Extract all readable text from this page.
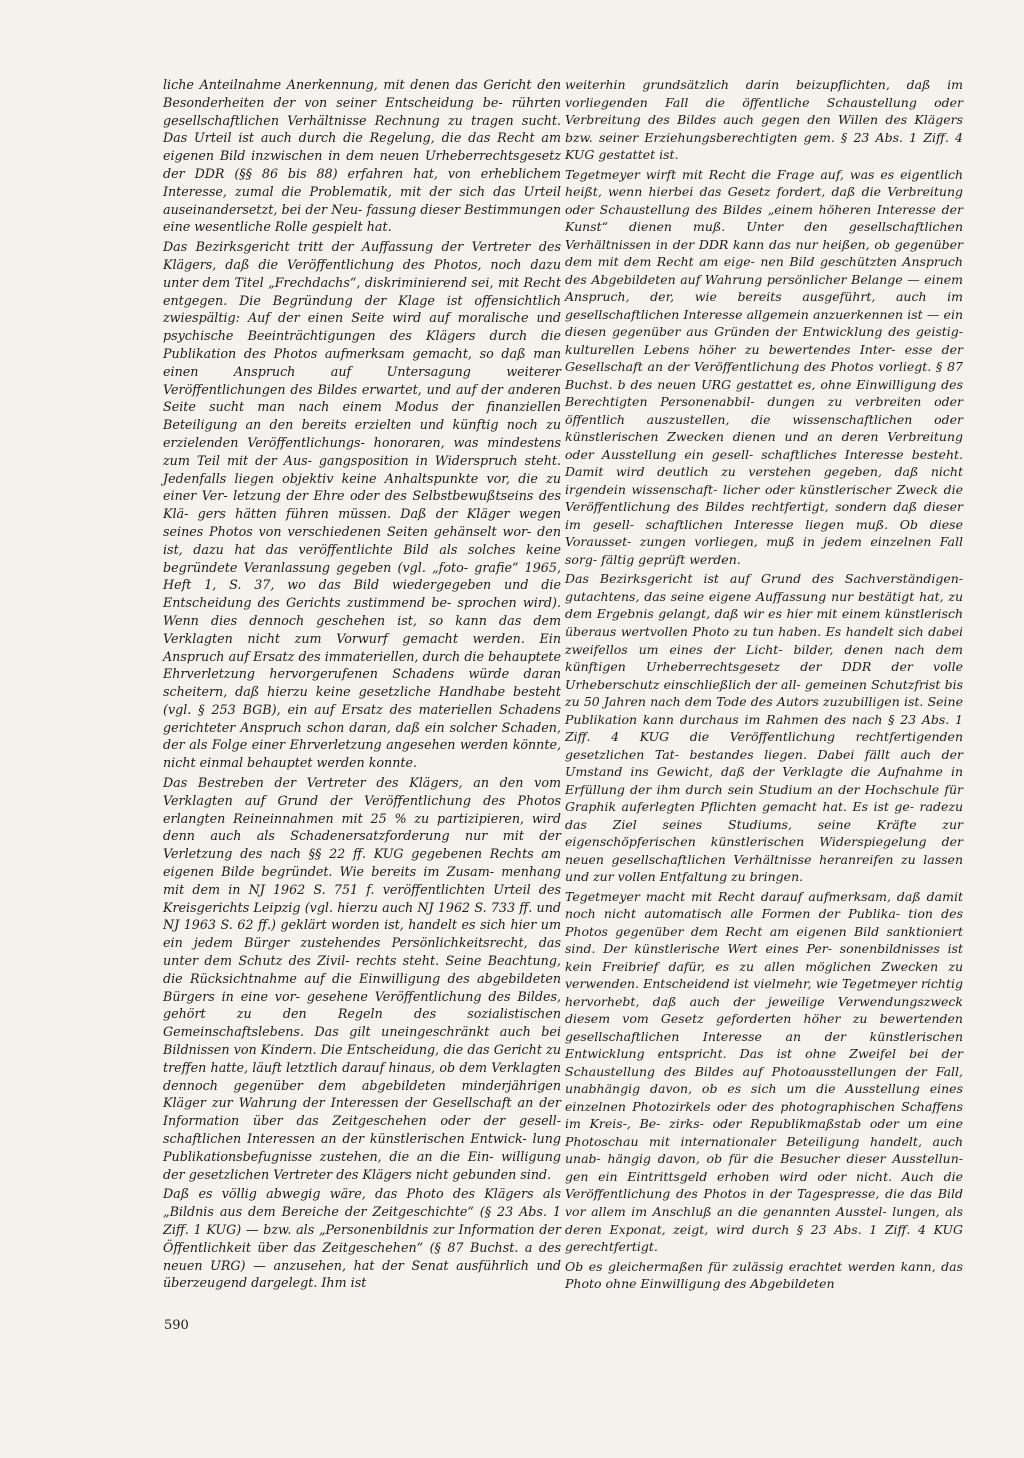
liche Anteilnahme Anerkennung, mit denen das Gericht den Besonderheiten der von seiner Entscheidung be- rührten gesellschaftlichen Verhältnisse Rechnung zu tragen sucht. Das Urteil ist auch durch die Regelung, die das Recht am eigenen Bild inzwischen in dem neuen Urheberrechtsgesetz der DDR (§§ 86 bis 88) erfahren hat, von erheblichem Interesse, zumal die Problematik, mit der sich das Urteil auseinandersetzt, bei der Neu- fassung dieser Bestimmungen eine wesentliche Rolle gespielt hat.

Das Bezirksgericht tritt der Auffassung der Vertreter des Klägers, daß die Veröffentlichung des Photos, noch dazu unter dem Titel „Frechdachs“, diskriminierend sei, mit Recht entgegen. Die Begründung der Klage ist offensichtlich zwiespältig: Auf der einen Seite wird auf moralische und psychische Beeinträchtigungen des Klägers durch die Publikation des Photos aufmerksam gemacht, so daß man einen Anspruch auf Untersagung weiterer Veröffentlichungen des Bildes erwartet, und auf der anderen Seite sucht man nach einem Modus der finanziellen Beteiligung an den bereits erzielten und künftig noch zu erzielenden Veröffentlichungs- honoraren, was mindestens zum Teil mit der Aus- gangsposition in Widerspruch steht. Jedenfalls liegen objektiv keine Anhaltspunkte vor, die zu einer Ver- letzung der Ehre oder des Selbstbewußtseins des Klä- gers hätten führen müssen. Daß der Kläger wegen seines Photos von verschiedenen Seiten gehänselt wor- den ist, dazu hat das veröffentlichte Bild als solches keine begründete Veranlassung gegeben (vgl. „foto- grafie“ 1965, Heft 1, S. 37, wo das Bild wiedergegeben und die Entscheidung des Gerichts zustimmend be- sprochen wird). Wenn dies dennoch geschehen ist, so kann das dem Verklagten nicht zum Vorwurf gemacht werden. Ein Anspruch auf Ersatz des immateriellen, durch die behauptete Ehrverletzung hervorgerufenen Schadens würde daran scheitern, daß hierzu keine gesetzliche Handhabe besteht (vgl. § 253 BGB), ein auf Ersatz des materiellen Schadens gerichteter Anspruch schon daran, daß ein solcher Schaden, der als Folge einer Ehrverletzung angesehen werden könnte, nicht einmal behauptet werden konnte.

Das Bestreben der Vertreter des Klägers, an den vom Verklagten auf Grund der Veröffentlichung des Photos erlangten Reineinnahmen mit 25 % zu partizipieren, wird denn auch als Schadenersatzforderung nur mit der Verletzung des nach §§ 22 ff. KUG gegebenen Rechts am eigenen Bilde begründet. Wie bereits im Zusam- menhang mit dem in NJ 1962 S. 751 f. veröffentlichten Urteil des Kreisgerichts Leipzig (vgl. hierzu auch NJ 1962 S. 733 ff. und NJ 1963 S. 62 ff.) geklärt worden ist, handelt es sich hier um ein jedem Bürger zustehendes Persönlichkeitsrecht, das unter dem Schutz des Zivil- rechts steht. Seine Beachtung, die Rücksichtnahme auf die Einwilligung des abgebildeten Bürgers in eine vor- gesehene Veröffentlichung des Bildes, gehört zu den Regeln des sozialistischen Gemeinschaftslebens. Das gilt uneingeschränkt auch bei Bildnissen von Kindern. Die Entscheidung, die das Gericht zu treffen hatte, läuft letztlich darauf hinaus, ob dem Verklagten dennoch gegenüber dem abgebildeten minderjährigen Kläger zur Wahrung der Interessen der Gesellschaft an der Information über das Zeitgeschehen oder der gesell- schaftlichen Interessen an der künstlerischen Entwick- lung Publikationsbefugnisse zustehen, die an die Ein- willigung der gesetzlichen Vertreter des Klägers nicht gebunden sind.

Daß es völlig abwegig wäre, das Photo des Klägers als „Bildnis aus dem Bereiche der Zeitgeschichte“ (§ 23 Abs. 1 Ziff. 1 KUG) — bzw. als „Personenbildnis zur Information der Öffentlichkeit über das Zeitgeschehen“ (§ 87 Buchst. a des neuen URG) — anzusehen, hat der Senat ausführlich und überzeugend dargelegt. Ihm ist

weiterhin grundsätzlich darin beizupflichten, daß im vorliegenden Fall die öffentliche Schaustellung oder Verbreitung des Bildes auch gegen den Willen des Klägers bzw. seiner Erziehungsberechtigten gem. § 23 Abs. 1 Ziff. 4 KUG gestattet ist.

Tegetmeyer wirft mit Recht die Frage auf, was es eigentlich heißt, wenn hierbei das Gesetz fordert, daß die Verbreitung oder Schaustellung des Bildes „einem höheren Interesse der Kunst“ dienen muß. Unter den gesellschaftlichen Verhältnissen in der DDR kann das nur heißen, ob gegenüber dem mit dem Recht am eige- nen Bild geschützten Anspruch des Abgebildeten auf Wahrung persönlicher Belange — einem Anspruch, der, wie bereits ausgeführt, auch im gesellschaftlichen Interesse allgemein anzuerkennen ist — ein diesen gegenüber aus Gründen der Entwicklung des geistig-kulturellen Lebens höher zu bewertendes Inter- esse der Gesellschaft an der Veröffentlichung des Photos vorliegt. § 87 Buchst. b des neuen URG gestattet es, ohne Einwilligung des Berechtigten Personenabbil- dungen zu verbreiten oder öffentlich auszustellen, die wissenschaftlichen oder künstlerischen Zwecken dienen und an deren Verbreitung oder Ausstellung ein gesell- schaftliches Interesse besteht. Damit wird deutlich zu verstehen gegeben, daß nicht irgendein wissenschaft- licher oder künstlerischer Zweck die Veröffentlichung des Bildes rechtfertigt, sondern daß dieser im gesell- schaftlichen Interesse liegen muß. Ob diese Vorausset- zungen vorliegen, muß in jedem einzelnen Fall sorg- fältig geprüft werden.

Das Bezirksgericht ist auf Grund des Sachverständigen- gutachtens, das seine eigene Auffassung nur bestätigt hat, zu dem Ergebnis gelangt, daß wir es hier mit einem künstlerisch überaus wertvollen Photo zu tun haben. Es handelt sich dabei zweifellos um eines der Licht- bilder, denen nach dem künftigen Urheberrechtsgesetz der DDR der volle Urheberschutz einschließlich der all- gemeinen Schutzfrist bis zu 50 Jahren nach dem Tode des Autors zuzubilligen ist. Seine Publikation kann durchaus im Rahmen des nach § 23 Abs. 1 Ziff. 4 KUG die Veröffentlichung rechtfertigenden gesetzlichen Tat- bestandes liegen. Dabei fällt auch der Umstand ins Gewicht, daß der Verklagte die Aufnahme in Erfüllung der ihm durch sein Studium an der Hochschule für Graphik auferlegten Pflichten gemacht hat. Es ist ge- radezu das Ziel seines Studiums, seine Kräfte zur eigenschöpferischen künstlerischen Widerspiegelung der neuen gesellschaftlichen Verhältnisse heranreifen zu lassen und zur vollen Entfaltung zu bringen.

Tegetmeyer macht mit Recht darauf aufmerksam, daß damit noch nicht automatisch alle Formen der Publika- tion des Photos gegenüber dem Recht am eigenen Bild sanktioniert sind. Der künstlerische Wert eines Per- sonenbildnisses ist kein Freibrief dafür, es zu allen möglichen Zwecken zu verwenden. Entscheidend ist vielmehr, wie Tegetmeyer richtig hervorhebt, daß auch der jeweilige Verwendungszweck diesem vom Gesetz geforderten höher zu bewertenden gesellschaftlichen Interesse an der künstlerischen Entwicklung entspricht. Das ist ohne Zweifel bei der Schaustellung des Bildes auf Photoausstellungen der Fall, unabhängig davon, ob es sich um die Ausstellung eines einzelnen Photozirkels oder des photographischen Schaffens im Kreis-, Be- zirks- oder Republikmaßstab oder um eine Photoschau mit internationaler Beteiligung handelt, auch unab- hängig davon, ob für die Besucher dieser Ausstellun- gen ein Eintrittsgeld erhoben wird oder nicht. Auch die Veröffentlichung des Photos in der Tagespresse, die das Bild vor allem im Anschluß an die genannten Ausstel- lungen, als deren Exponat, zeigt, wird durch § 23 Abs. 1 Ziff. 4 KUG gerechtfertigt.

Ob es gleichermaßen für zulässig erachtet werden kann, das Photo ohne Einwilligung des Abgebildeten

590
